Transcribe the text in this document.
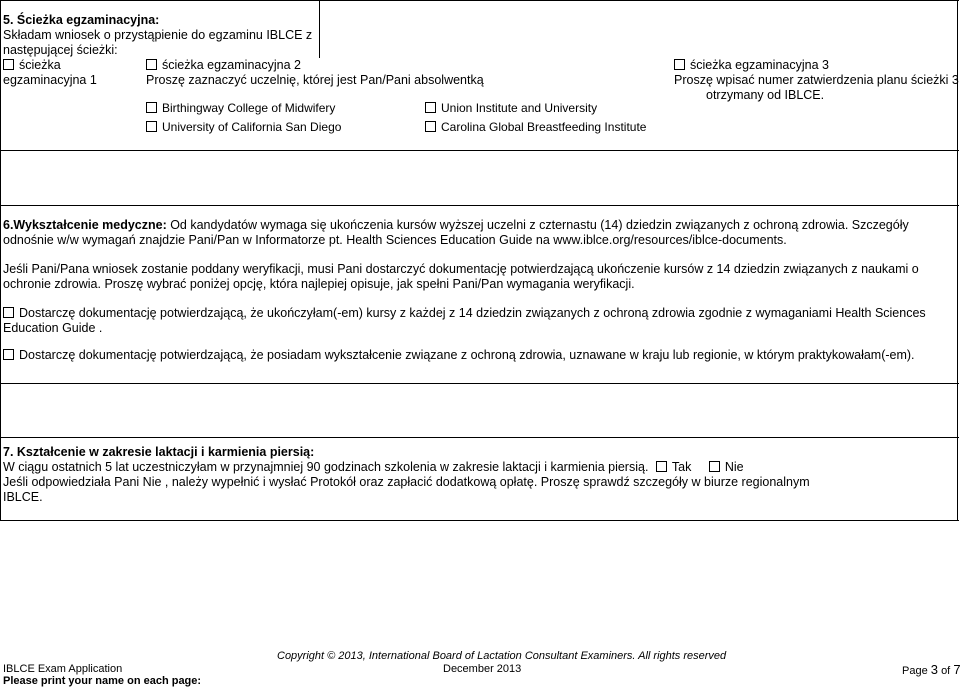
5. Ścieżka egzaminacyjna:
Składam wniosek o przystąpienie do egzaminu IBLCE z
następującej ścieżki:
ścieżka
egzaminacyjna 1
ścieżka egzaminacyjna 2
Proszę zaznaczyć uczelnię, której jest Pan/Pani absolwentką
Birthingway College of Midwifery	Union Institute and University
University of California San Diego	Carolina Global Breastfeeding Institute
ścieżka egzaminacyjna 3
Proszę wpisać numer zatwierdzenia planu ścieżki 3
otrzymany od IBLCE.
6.Wykształcenie medyczne: Od kandydatów wymaga się ukończenia kursów wyższej uczelni z czternastu (14) dziedzin związanych z ochroną zdrowia. Szczegóły odnośnie w/w wymagań znajdzie Pani/Pan w Informatorze pt. Health Sciences Education Guide na www.iblce.org/resources/iblce-documents.
Jeśli Pani/Pana wniosek zostanie poddany weryfikacji, musi Pani dostarczyć dokumentację potwierdzającą ukończenie kursów z 14 dziedzin związanych z naukami o ochronie zdrowia. Proszę wybrać poniżej opcję, która najlepiej opisuje, jak spełni Pani/Pan wymagania weryfikacji.
Dostarczę dokumentację potwierdzającą, że ukończyłam(-em) kursy z każdej z 14 dziedzin związanych z ochroną zdrowia zgodnie z wymaganiami Health Sciences Education Guide .
Dostarczę dokumentację potwierdzającą, że posiadam wykształcenie związane z ochroną zdrowia, uznawane w kraju lub regionie, w którym praktykowałam(-em).
7. Kształcenie w zakresie laktacji i karmienia piersią:
W ciągu ostatnich 5 lat uczestniczyłam w przynajmniej 90 godzinach szkolenia w zakresie laktacji i karmienia piersią. Tak	Nie
Jeśli odpowiedziała Pani Nie , należy wypełnić i wysłać Protokół oraz zapłacić dodatkową opłatę. Proszę sprawdź szczegóły w biurze regionalnym IBLCE.
Copyright © 2013, International Board of Lactation Consultant Examiners. All rights reserved
IBLCE Exam Application	December 2013	Page 3 of 7
Please print your name on each page:
